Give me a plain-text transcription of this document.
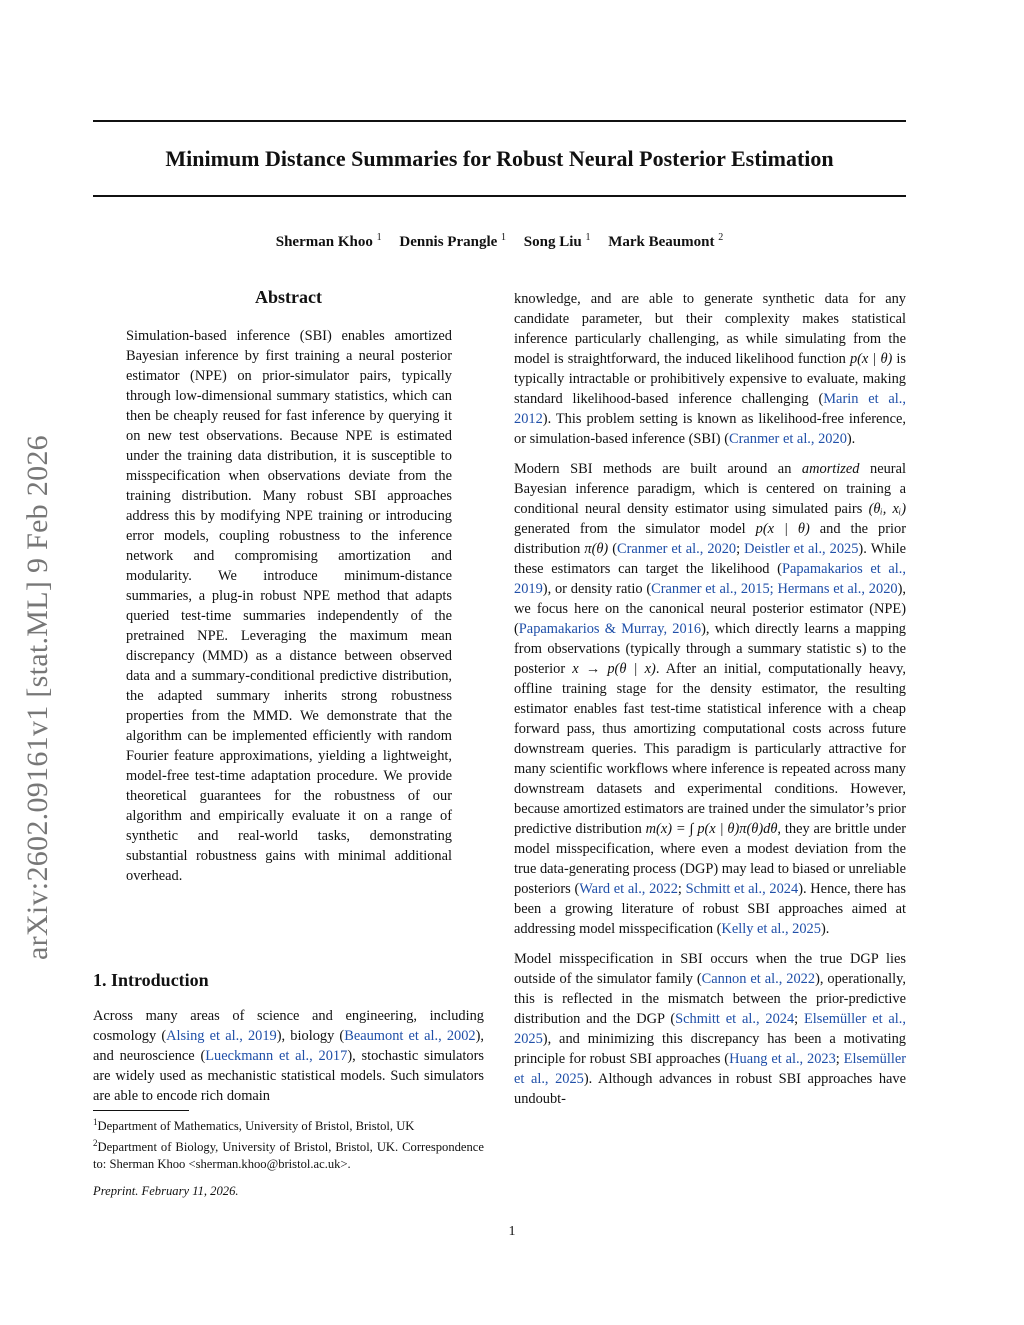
Minimum Distance Summaries for Robust Neural Posterior Estimation
Sherman Khoo $^1$ Dennis Prangle $^1$ Song Liu $^1$ Mark Beaumont $^2$
arXiv:2602.09161v1 [stat.ML] 9 Feb 2026
Abstract

Simulation-based inference (SBI) enables amortized Bayesian inference by first training a neural posterior estimator (NPE) on prior-simulator pairs, typically through low-dimensional summary statistics, which can then be cheaply reused for fast inference by querying it on new test observations. Because NPE is estimated under the training data distribution, it is susceptible to misspecification when observations deviate from the training distribution. Many robust SBI approaches address this by modifying NPE training or introducing error models, coupling robustness to the inference network and compromising amortization and modularity. We introduce minimum-distance summaries, a plug-in robust NPE method that adapts queried test-time summaries independently of the pretrained NPE. Leveraging the maximum mean discrepancy (MMD) as a distance between observed data and a summary-conditional predictive distribution, the adapted summary inherits strong robustness properties from the MMD. We demonstrate that the algorithm can be implemented efficiently with random Fourier feature approximations, yielding a lightweight, model-free test-time adaptation procedure. We provide theoretical guarantees for the robustness of our algorithm and empirically evaluate it on a range of synthetic and real-world tasks, demonstrating substantial robustness gains with minimal additional overhead.

1. Introduction

Across many areas of science and engineering, including cosmology (Alsing et al., 2019), biology (Beaumont et al., 2002), and neuroscience (Lueckmann et al., 2017), stochastic simulators are widely used as mechanistic statistical models. Such simulators are able to encode rich domain

$^1$Department of Mathematics, University of Bristol, Bristol, UK
$^2$Department of Biology, University of Bristol, Bristol, UK. Correspondence to: Sherman Khoo <sherman.khoo@bristol.ac.uk>.
Preprint. February 11, 2026.

knowledge, and are able to generate synthetic data for any candidate parameter, but their complexity makes statistical inference particularly challenging, as while simulating from the model is straightforward, the induced likelihood function p(x | θ) is typically intractable or prohibitively expensive to evaluate, making standard likelihood-based inference challenging (Marin et al., 2012). This problem setting is known as likelihood-free inference, or simulation-based inference (SBI) (Cranmer et al., 2020).

Modern SBI methods are built around an amortized neural Bayesian inference paradigm, which is centered on training a conditional neural density estimator using simulated pairs (θᵢ, xᵢ) generated from the simulator model p(x | θ) and the prior distribution π(θ) (Cranmer et al., 2020; Deistler et al., 2025). While these estimators can target the likelihood (Papamakarios et al., 2019), or density ratio (Cranmer et al., 2015; Hermans et al., 2020), we focus here on the canonical neural posterior estimator (NPE) (Papamakarios & Murray, 2016), which directly learns a mapping from observations (typically through a summary statistic s) to the posterior x → p(θ | x). After an initial, computationally heavy, offline training stage for the density estimator, the resulting estimator enables fast test-time statistical inference with a cheap forward pass, thus amortizing computational costs across future downstream queries. This paradigm is particularly attractive for many scientific workflows where inference is repeated across many downstream datasets and experimental conditions. However, because amortized estimators are trained under the simulator’s prior predictive distribution m(x) = ∫ p(x | θ)π(θ)dθ, they are brittle under model misspecification, where even a modest deviation from the true data-generating process (DGP) may lead to biased or unreliable posteriors (Ward et al., 2022; Schmitt et al., 2024). Hence, there has been a growing literature of robust SBI approaches aimed at addressing model misspecification (Kelly et al., 2025).

Model misspecification in SBI occurs when the true DGP lies outside of the simulator family (Cannon et al., 2022), operationally, this is reflected in the mismatch between the prior-predictive distribution and the DGP (Schmitt et al., 2024; Elsemüller et al., 2025), and minimizing this discrepancy has been a motivating principle for robust SBI approaches (Huang et al., 2023; Elsemüller et al., 2025). Although advances in robust SBI approaches have undoubt-

1
